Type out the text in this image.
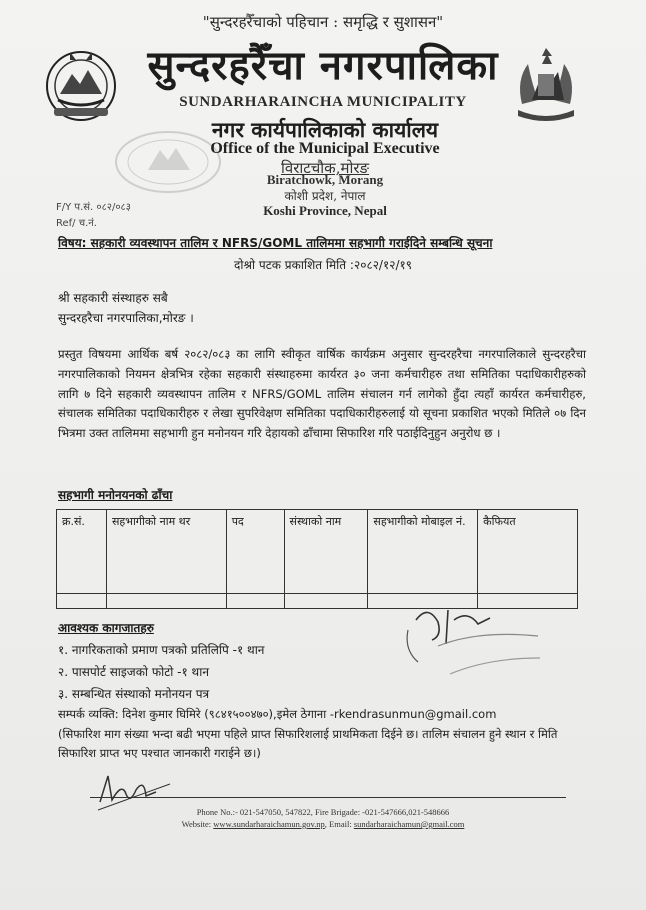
"सुन्दरहरैँचाको पहिचान : समृद्धि र सुशासन"
सुन्दरहरैँचा नगरपालिका
SUNDARHARAINCHA MUNICIPALITY
नगर कार्यपालिकाको कार्यालय
Office of the Municipal Executive
विराटचौक,मोरङ
Biratchowk, Morang
कोशी प्रदेश, नेपाल
Koshi Province, Nepal
F/Y प.सं. ०८२/०८३
Ref/ च.नं.
विषय: सहकारी व्यवस्थापन तालिम र NFRS/GOML तालिममा सहभागी गराईदिने सम्बन्धि सूचना
दोश्रो पटक प्रकाशित मिति :२०८२/१२/१९
श्री सहकारी संस्थाहरु सबै
सुन्दरहरैचा नगरपालिका,मोरङ ।
प्रस्तुत विषयमा आर्थिक बर्ष २०८२/०८३ का लागि स्वीकृत वार्षिक कार्यक्रम अनुसार सुन्दरहरैचा नगरपालिकाले सुन्दरहरैचा नगरपालिकाको नियमन क्षेत्रभित्र रहेका सहकारी संस्थाहरुमा कार्यरत ३० जना कर्मचारीहरु तथा समितिका पदाधिकारीहरुको लागि ७ दिने सहकारी व्यवस्थापन तालिम र NFRS/GOML तालिम संचालन गर्न लागेको हुँदा त्यहाँ कार्यरत कर्मचारीहरु, संचालक समितिका पदाधिकारीहरु र लेखा सुपरिवेक्षण समितिका पदाधिकारीहरुलाई यो सूचना प्रकाशित भएको मितिले ०७ दिन भित्रमा उक्त तालिममा सहभागी हुन मनोनयन गरि देहायको ढाँचामा सिफारिश गरि पठाईदिनुहुन अनुरोध छ ।
सहभागी मनोनयनको ढाँचा
क्र.सं.	सहभागीको नाम थर	पद	संस्थाको नाम	सहभागीको मोबाइल नं.	कैफियत

आवश्यक कागजातहरु
१. नागरिकताको प्रमाण पत्रको प्रतिलिपि -१ थान
२. पासपोर्ट साइजको फोटो -१ थान
३. सम्बन्धित संस्थाको मनोनयन पत्र
सम्पर्क व्यक्ति: दिनेश कुमार घिमिरे (९८४१५००४७०),इमेल ठेगाना -rkendrasunmun@gmail.com
(सिफारिश माग संख्या भन्दा बढी भएमा पहिले प्राप्त सिफारिशलाई प्राथमिकता दिईने छ। तालिम संचालन हुने स्थान र मिति सिफारिश प्राप्त भए पश्चात जानकारी गराईने छ।)
Phone No.:- 021-547050, 547822, Fire Brigade: -021-547666,021-548666
Website: www.sundarharaichamun.gov.np, Email: sundarharaichamun@gmail.com
